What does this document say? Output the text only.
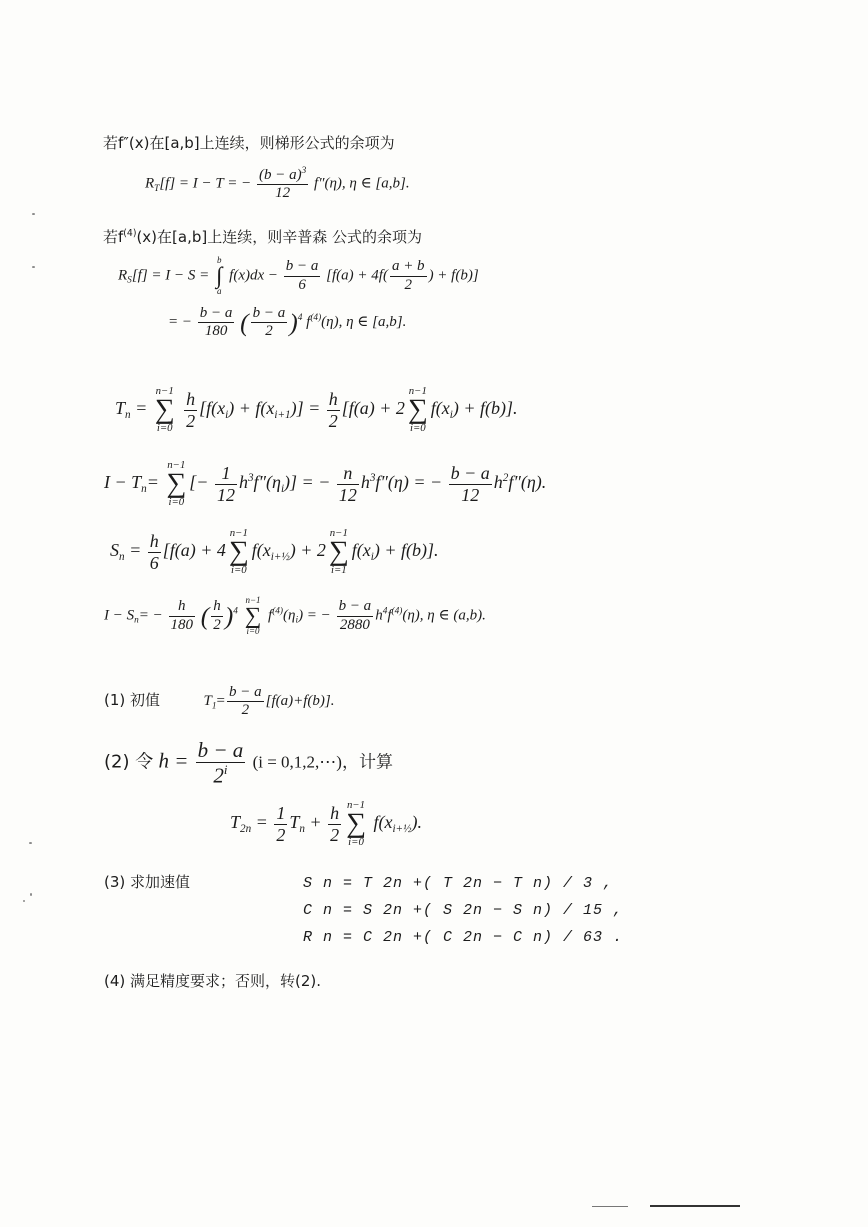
若f″(x)在[a,b]上连续，则梯形公式的余项为
$R_T[f] = I - T$ = − $\frac{(b - a)^3}{12} f''(\eta)$, η ∈ [a,b].
若$f^{(4)}(x)$在[a,b]上连续，则辛普森 公式的余项为
$R_S[f] = I - S$ =
b
∫
a
$f(x)dx - \frac{b - a}{6} [f(a) + 4f( \frac{a + b}{2}$ ) + f(b)]
= − $\frac{b - a}{180}$ ( $\frac{b - a}{2} )^4$ $f^{(4)}(\eta)$, η ∈ [a,b].
$T_n$ =
n−1
∑
i=0
$\frac{h}{2} [f(x_i) + f(x_{i+1})] = \frac{h}{2} [f(a) + 2$
n−1
∑
i=0
$f(x_i) + f(b)$].
$I - T_n=$
n−1
∑
i=0
[− $\frac{1}{12} h^3f''(\eta_i)$] = − $\frac{n}{12} h^3f''(\eta)$ = − $\frac{b - a}{12} h^2f''(\eta)$.
$S_n = \frac{h}{6} [f(a) + 4$
n−1
∑
i=0
$f(x_{i+\frac{1}{2}}) + 2$
n−1
∑
i=1
$f(x_i) + f(b)$].
$I - S_n= - \frac{h}{180}$ ( $\frac{h}{2} )^4$
n−1
∑
i=0
$f^{(4)}(\eta_i)$ = − $\frac{b - a}{2880} h^4f^{(4)}(\eta)$, η ∈ (a,b).
(1) 初值	$T_1= \frac{b - a}{2} [f(a)+f(b)]$.
(2) 令 $h = \frac{b - a}{2^i} (i$ = 0,1,2,⋯)，计算
$T_{2n} = \frac{1}{2} T_n + \frac{h}{2} n-1$
∑
i=0
$f(x_{i+\frac{1}{2}})$.
(3) 求加速值	S n = T 2n +( T 2n − T n) / 3 ,
C n = S 2n +( S 2n − S n) / 15 ,
R n = C 2n +( C 2n − C n) / 63 .
(4) 满足精度要求；否则，转(2).
